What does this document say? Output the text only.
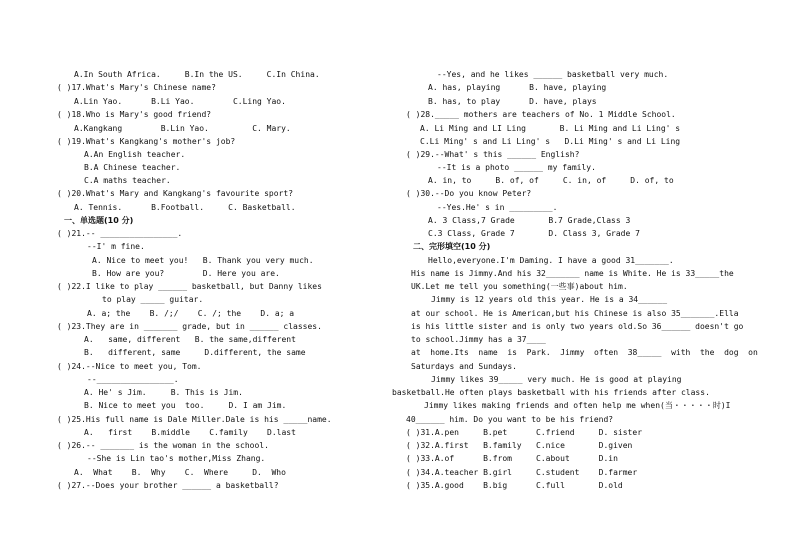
A.In South Africa.     B.In the US.     C.In China.
( )17.What's Mary's Chinese name?
A.Lin Yao.      B.Li Yao.        C.Ling Yao.
( )18.Who is Mary's good friend?
A.Kangkang        B.Lin Yao.         C. Mary.
( )19.What's Kangkang's mother's job?
A.An English teacher.
B.A Chinese teacher.
C.A maths teacher.
( )20.What's Mary and Kangkang's favourite sport?
A. Tennis.      B.Football.     C. Basketball.
一、单选题(10 分)
( )21.-- ________________.
--I' m fine.
A. Nice to meet you!   B. Thank you very much.
B. How are you?        D. Here you are.
( )22.I like to play ______ basketball, but Danny likes
to play _____ guitar.
A. a; the    B. /;/    C. /; the    D. a; a
( )23.They are in _______ grade, but in ______ classes.
A.   same, different   B. the same,different
B.   different, same     D.different, the same
( )24.--Nice to meet you, Tom.
--________________.
A. He' s Jim.     B. This is Jim.
B. Nice to meet you  too.     D. I am Jim.
( )25.His full name is Dale Miller.Dale is his _____name.
A.   first    B.middle    C.family    D.last
( )26.-- _______ is the woman in the school.
--She is Lin tao's mother,Miss Zhang.
A.  What    B.  Why    C.  Where     D.  Who
( )27.--Does your brother ______ a basketball?
--Yes, and he likes ______ basketball very much.
A. has, playing      B. have, playing
B. has, to play      D. have, plays
( )28._____ mothers are teachers of No. 1 Middle School.
A. Li Ming and LI Ling       B. Li Ming and Li Ling' s
C.Li Ming' s and Li Ling' s   D.Li Ming' s and Li Ling
( )29.--What' s this ______ English?
--It is a photo ______ my family.
A. in, to     B. of, of     C. in, of     D. of, to
( )30.--Do you know Peter?
--Yes.He' s in _________.
A. 3 Class,7 Grade       B.7 Grade,Class 3
C.3 Class, Grade 7       D. Class 3, Grade 7
二、完形填空(10 分)
Hello,everyone.I'm Daming. I have a good 31_______.
His name is Jimmy.And his 32_______ name is White. He is 33_____the
UK.Let me tell you something(一些事)about him.
Jimmy is 12 years old this year. He is a 34______
at our school. He is American,but his Chinese is also 35_______.Ella
is his little sister and is only two years old.So 36______ doesn't go
to school.Jimmy has a 37____
at  home.Its  name  is  Park.  Jimmy  often  38_____  with  the  dog  on
Saturdays and Sundays.
Jimmy likes 39_____ very much. He is good at playing
basketball.He often plays basketball with his friends after class.
Jimmy likes making friends and often help me when(当・・・・・时)I
40______ him. Do you want to be his friend?
( )31.A.pen     B.pet      C.friend     D. sister
( )32.A.first   B.family   C.nice       D.given
( )33.A.of      B.from     C.about      D.in
( )34.A.teacher B.girl     C.student    D.farmer
( )35.A.good    B.big      C.full       D.old
